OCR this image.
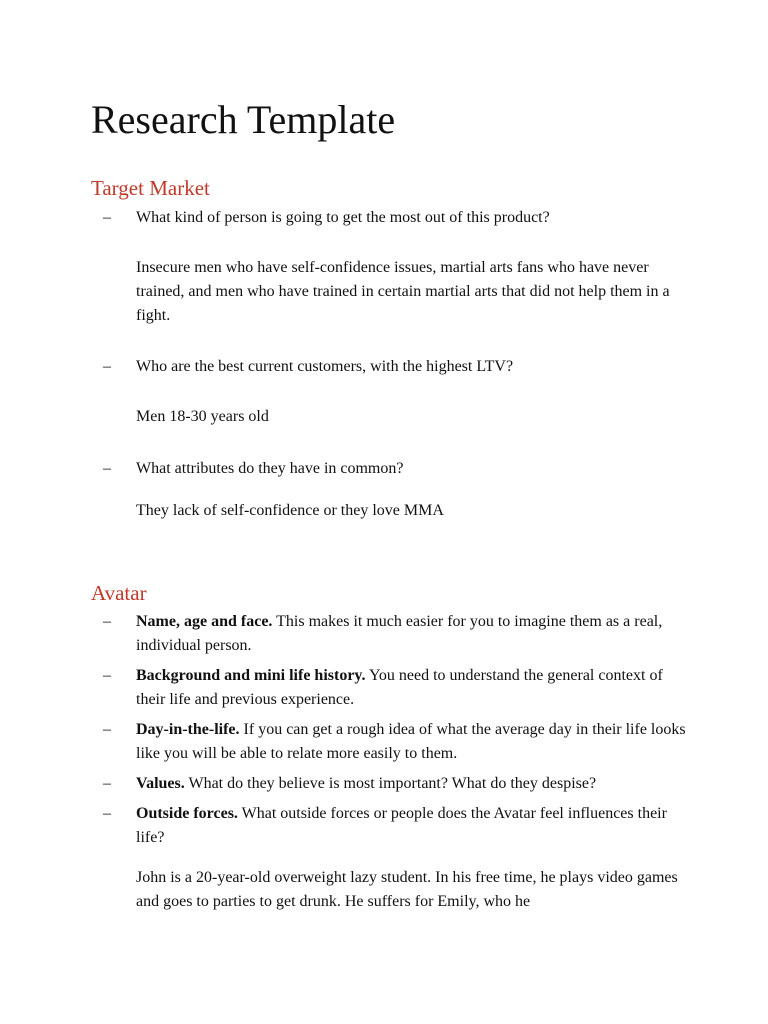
Research Template
Target Market
– What kind of person is going to get the most out of this product?
Insecure men who have self-confidence issues, martial arts fans who have never trained, and men who have trained in certain martial arts that did not help them in a fight.
– Who are the best current customers, with the highest LTV?
Men 18-30 years old
– What attributes do they have in common?
They lack of self-confidence or they love MMA
Avatar
– Name, age and face. This makes it much easier for you to imagine them as a real, individual person.
– Background and mini life history. You need to understand the general context of their life and previous experience.
– Day-in-the-life. If you can get a rough idea of what the average day in their life looks like you will be able to relate more easily to them.
– Values. What do they believe is most important? What do they despise?
– Outside forces. What outside forces or people does the Avatar feel influences their life?
John is a 20-year-old overweight lazy student. In his free time, he plays video games and goes to parties to get drunk. He suffers for Emily, who he
